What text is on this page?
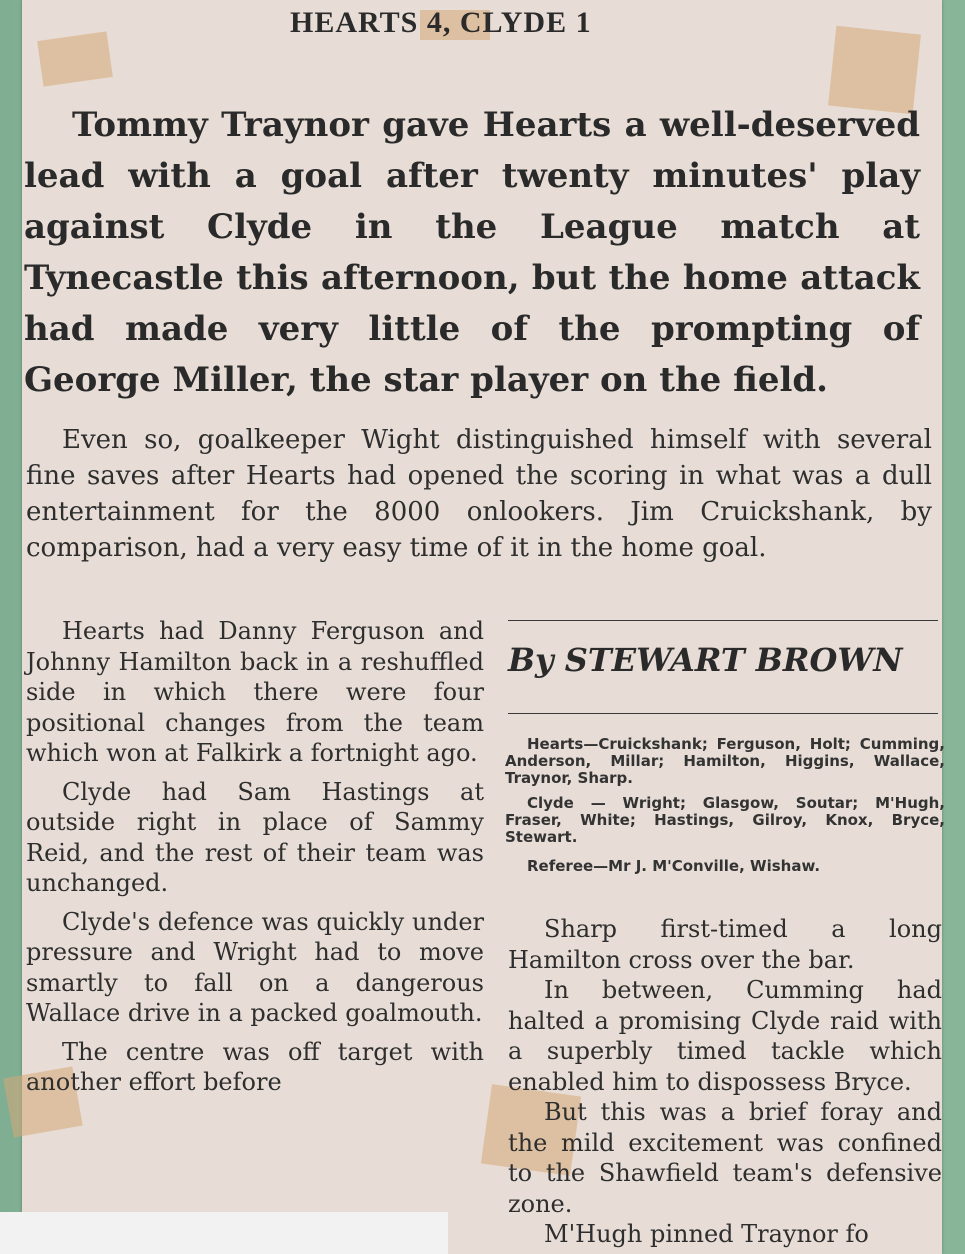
HEARTS 4, CLYDE 1

Tommy Traynor gave Hearts a well-deserved lead with a goal after twenty minutes' play against Clyde in the League match at Tynecastle this afternoon, but the home attack had made very little of the prompting of George Miller, the star player on the field.

Even so, goalkeeper Wight distinguished himself with several fine saves after Hearts had opened the scoring in what was a dull entertainment for the 8000 onlookers. Jim Cruickshank, by comparison, had a very easy time of it in the home goal.

Hearts had Danny Ferguson and Johnny Hamilton back in a reshuffled side in which there were four positional changes from the team which won at Falkirk a fortnight ago.

Clyde had Sam Hastings at outside right in place of Sammy Reid, and the rest of their team was unchanged.

Clyde's defence was quickly under pressure and Wright had to move smartly to fall on a dangerous Wallace drive in a packed goalmouth.

The centre was off target with another effort before

By STEWART BROWN

Hearts—Cruickshank; Ferguson, Holt; Cumming, Anderson, Millar; Hamilton, Higgins, Wallace, Traynor, Sharp.

Clyde — Wright; Glasgow, Soutar; M'Hugh, Fraser, White; Hastings, Gilroy, Knox, Bryce, Stewart.

Referee—Mr J. M'Conville, Wishaw.

Sharp first-timed a long Hamilton cross over the bar.

In between, Cumming had halted a promising Clyde raid with a superbly timed tackle which enabled him to dispossess Bryce.

But this was a brief foray and the mild excitement was confined to the Shawfield team's defensive zone.

M'Hugh pinned Traynor fo
